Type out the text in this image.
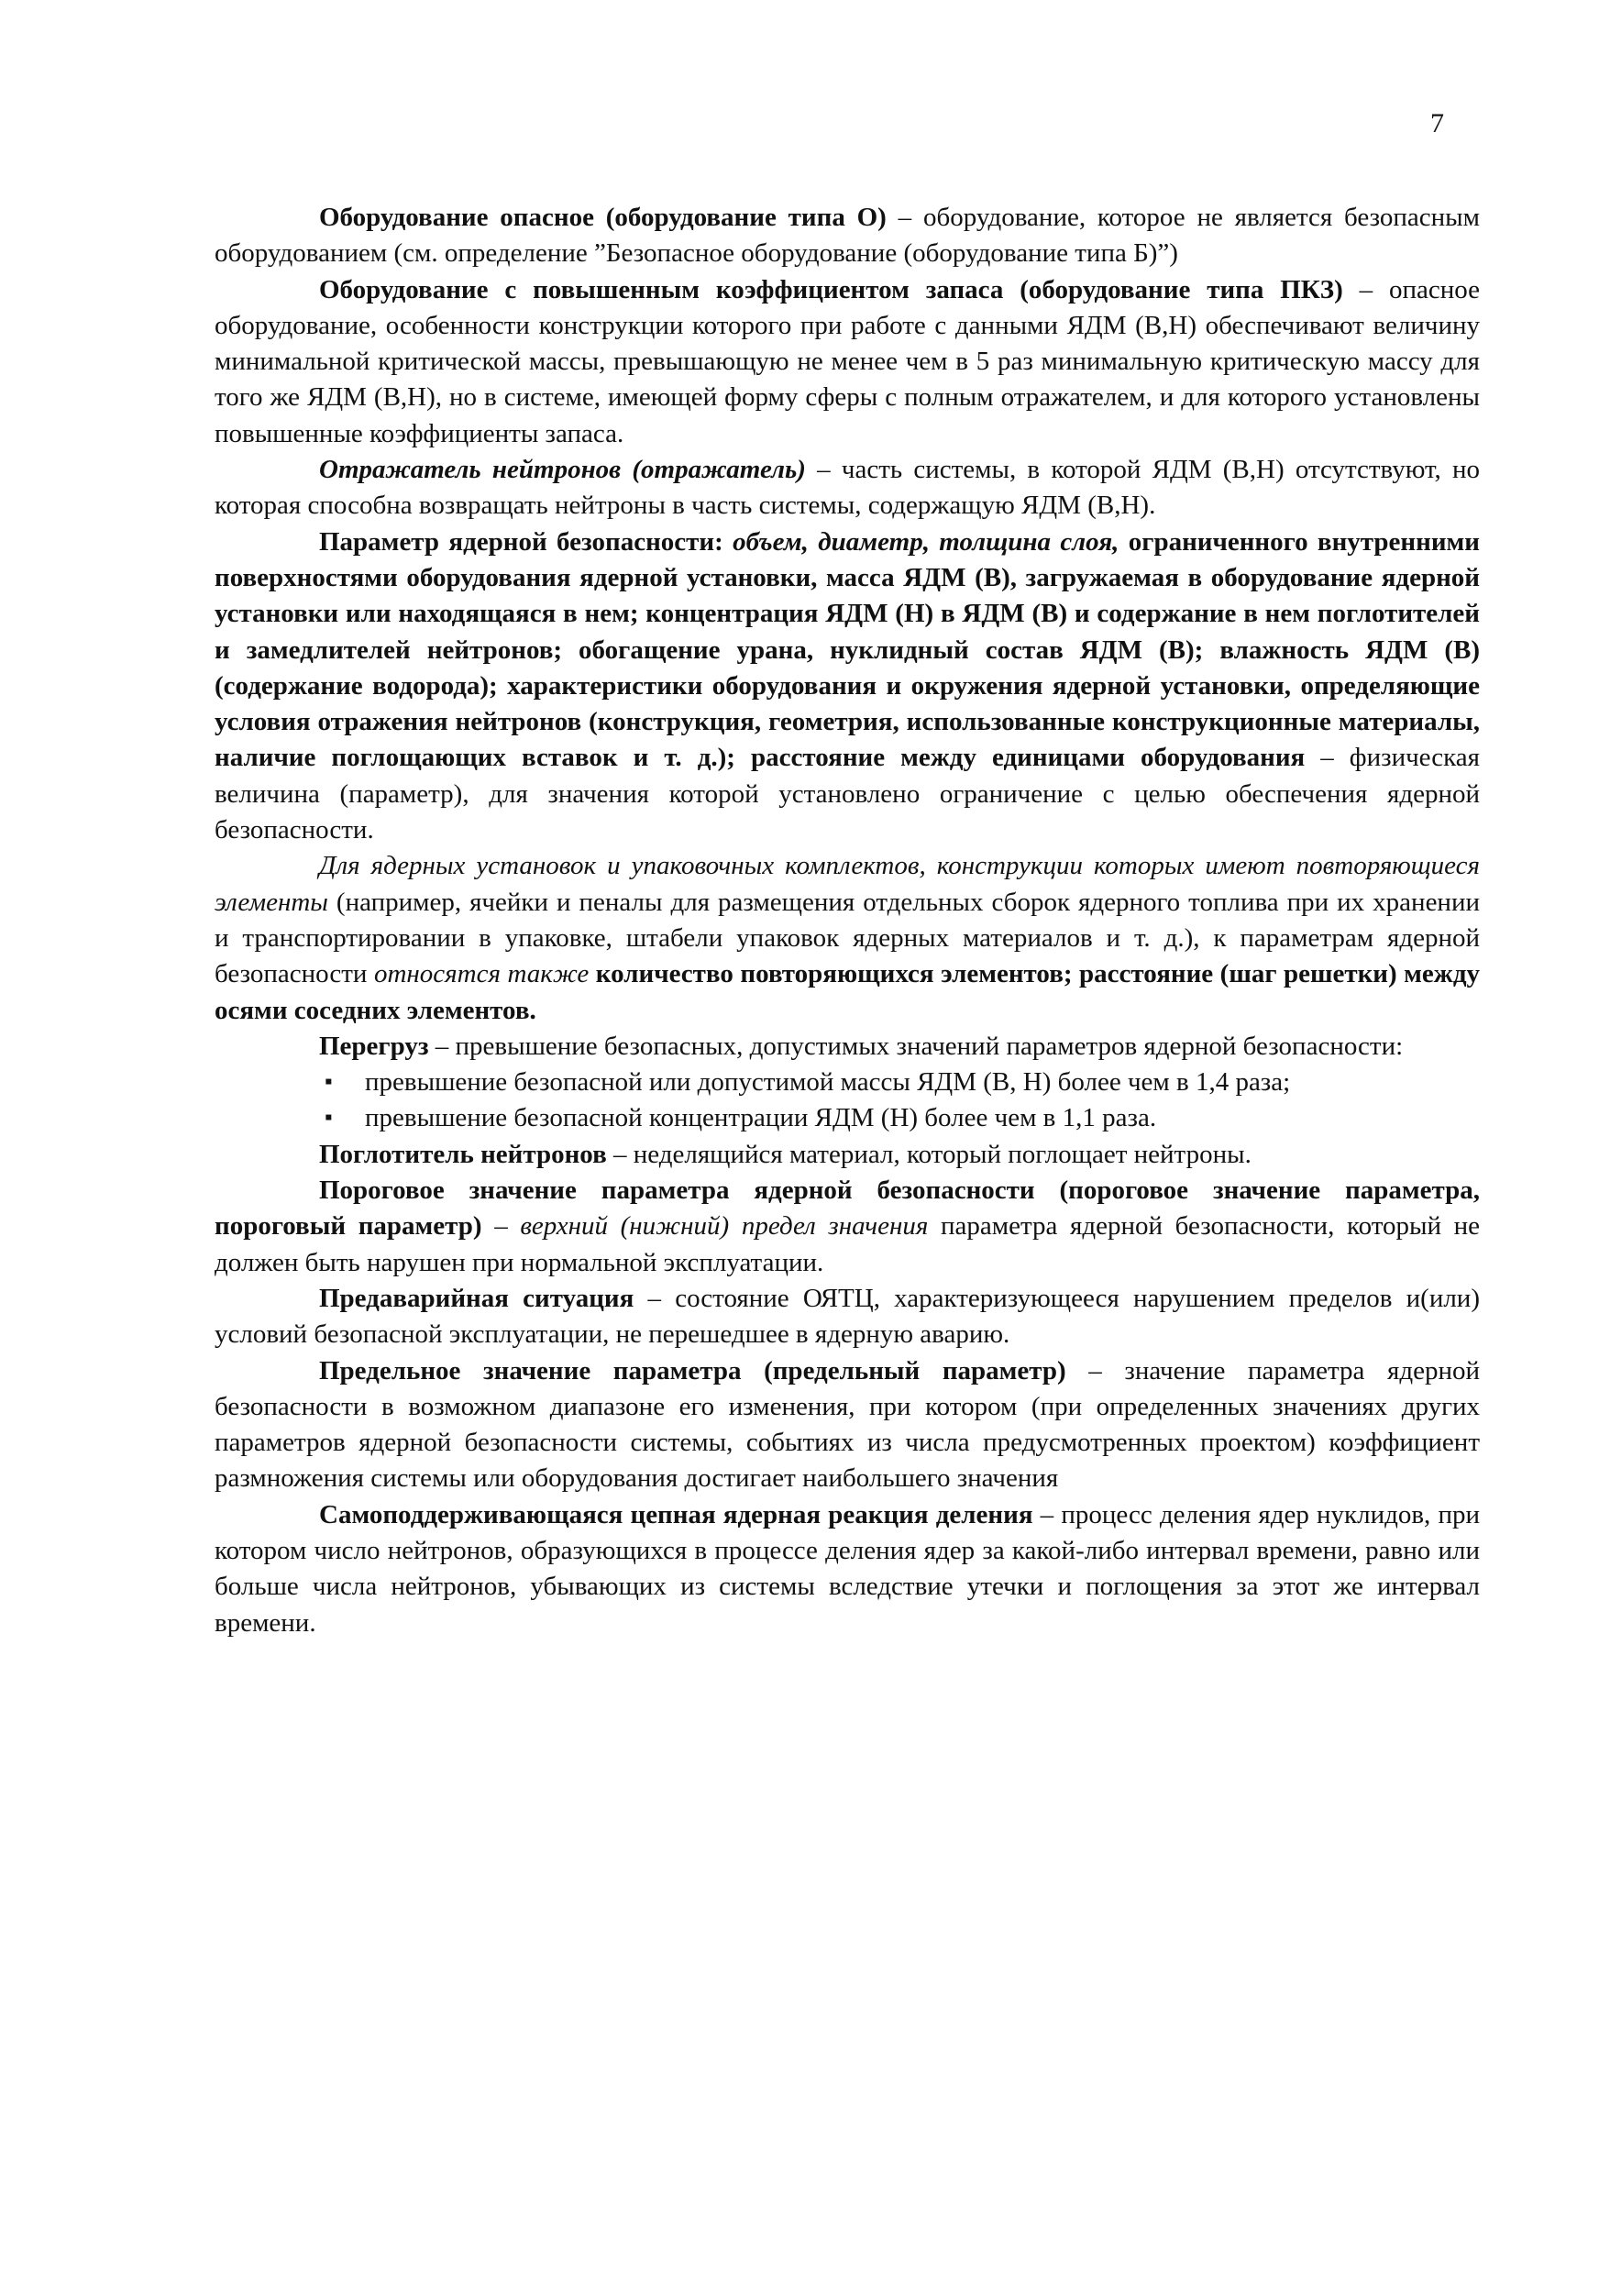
7

Оборудование опасное (оборудование типа О) – оборудование, которое не является безопасным оборудованием (см. определение ”Безопасное оборудование (оборудование типа Б)”)

Оборудование с повышенным коэффициентом запаса (оборудование типа ПКЗ) – опасное оборудование, особенности конструкции которого при работе с данными ЯДМ (В,Н) обеспечивают величину минимальной критической массы, превышающую не менее чем в 5 раз минимальную критическую массу для того же ЯДМ (В,Н), но в системе, имеющей форму сферы с полным отражателем, и для которого установлены повышенные коэффициенты запаса.

Отражатель нейтронов (отражатель) – часть системы, в которой ЯДМ (В,Н) отсутствуют, но которая способна возвращать нейтроны в часть системы, содержащую ЯДМ (В,Н).

Параметр ядерной безопасности: объем, диаметр, толщина слоя, ограниченного внутренними поверхностями оборудования ядерной установки, масса ЯДМ (В), загружаемая в оборудование ядерной установки или находящаяся в нем; концентрация ЯДМ (Н) в ЯДМ (В) и содержание в нем поглотителей и замедлителей нейтронов; обогащение урана, нуклидный состав ЯДМ (В); влажность ЯДМ (В) (содержание водорода); характеристики оборудования и окружения ядерной установки, определяющие условия отражения нейтронов (конструкция, геометрия, использованные конструкционные материалы, наличие поглощающих вставок и т. д.); расстояние между единицами оборудования – физическая величина (параметр), для значения которой установлено ограничение с целью обеспечения ядерной безопасности.

Для ядерных установок и упаковочных комплектов, конструкции которых имеют повторяющиеся элементы (например, ячейки и пеналы для размещения отдельных сборок ядерного топлива при их хранении и транспортировании в упаковке, штабели упаковок ядерных материалов и т. д.), к параметрам ядерной безопасности относятся также количество повторяющихся элементов; расстояние (шаг решетки) между осями соседних элементов.

Перегруз – превышение безопасных, допустимых значений параметров ядерной безопасности:

▪ превышение безопасной или допустимой массы ЯДМ (В, Н) более чем в 1,4 раза;
▪ превышение безопасной концентрации ЯДМ (Н) более чем в 1,1 раза.

Поглотитель нейтронов – неделящийся материал, который поглощает нейтроны.

Пороговое значение параметра ядерной безопасности (пороговое значение параметра, пороговый параметр) – верхний (нижний) предел значения параметра ядерной безопасности, который не должен быть нарушен при нормальной эксплуатации.

Предаварийная ситуация – состояние ОЯТЦ, характеризующееся нарушением пределов и(или) условий безопасной эксплуатации, не перешедшее в ядерную аварию.

Предельное значение параметра (предельный параметр) – значение параметра ядерной безопасности в возможном диапазоне его изменения, при котором (при определенных значениях других параметров ядерной безопасности системы, событиях из числа предусмотренных проектом) коэффициент размножения системы или оборудования достигает наибольшего значения

Самоподдерживающаяся цепная ядерная реакция деления – процесс деления ядер нуклидов, при котором число нейтронов, образующихся в процессе деления ядер за какой-либо интервал времени, равно или больше числа нейтронов, убывающих из системы вследствие утечки и поглощения за этот же интервал времени.
